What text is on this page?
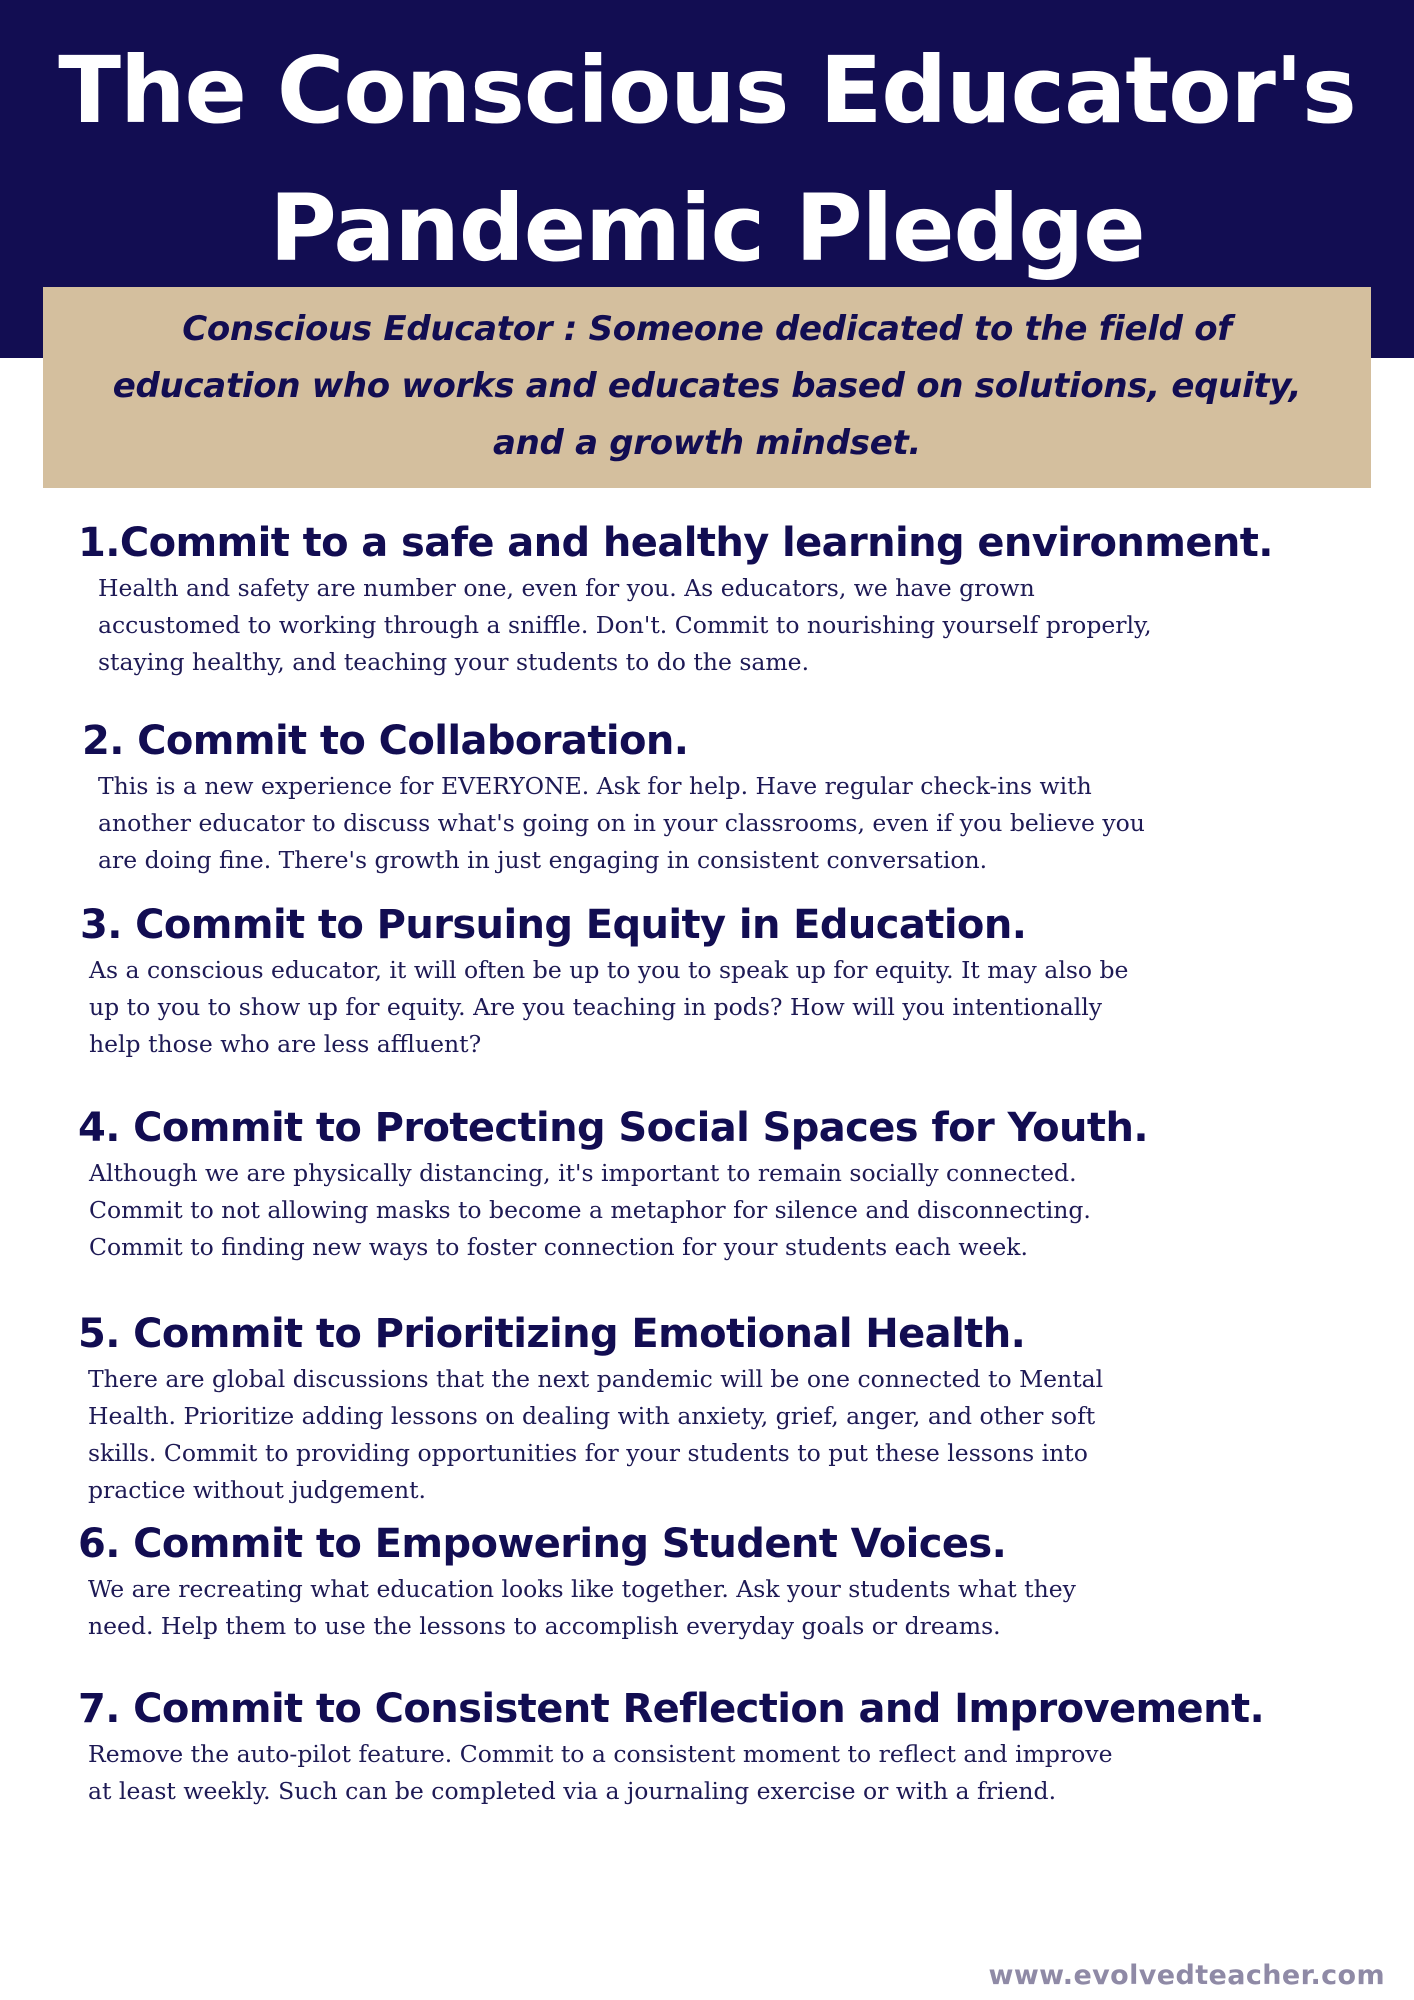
The Conscious Educator's
Pandemic Pledge
Conscious Educator : Someone dedicated to the field of
education who works and educates based on solutions, equity,
and a growth mindset.
1.Commit to a safe and healthy learning environment.
Health and safety are number one, even for you. As educators, we have grown
accustomed to working through a sniffle. Don't. Commit to nourishing yourself properly,
staying healthy, and teaching your students to do the same.
2. Commit to Collaboration.
This is a new experience for EVERYONE. Ask for help. Have regular check-ins with
another educator to discuss what's going on in your classrooms, even if you believe you
are doing fine. There's growth in just engaging in consistent conversation.
3. Commit to Pursuing Equity in Education.
As a conscious educator, it will often be up to you to speak up for equity. It may also be
up to you to show up for equity. Are you teaching in pods? How will you intentionally
help those who are less affluent?
4. Commit to Protecting Social Spaces for Youth.
Although we are physically distancing, it's important to remain socially connected.
Commit to not allowing masks to become a metaphor for silence and disconnecting.
Commit to finding new ways to foster connection for your students each week.
5. Commit to Prioritizing Emotional Health.
There are global discussions that the next pandemic will be one connected to Mental
Health. Prioritize adding lessons on dealing with anxiety, grief, anger, and other soft
skills. Commit to providing opportunities for your students to put these lessons into
practice without judgement.
6. Commit to Empowering Student Voices.
We are recreating what education looks like together. Ask your students what they
need. Help them to use the lessons to accomplish everyday goals or dreams.
7. Commit to Consistent Reflection and Improvement.
Remove the auto-pilot feature. Commit to a consistent moment to reflect and improve
at least weekly. Such can be completed via a journaling exercise or with a friend.
www.evolvedteacher.com
